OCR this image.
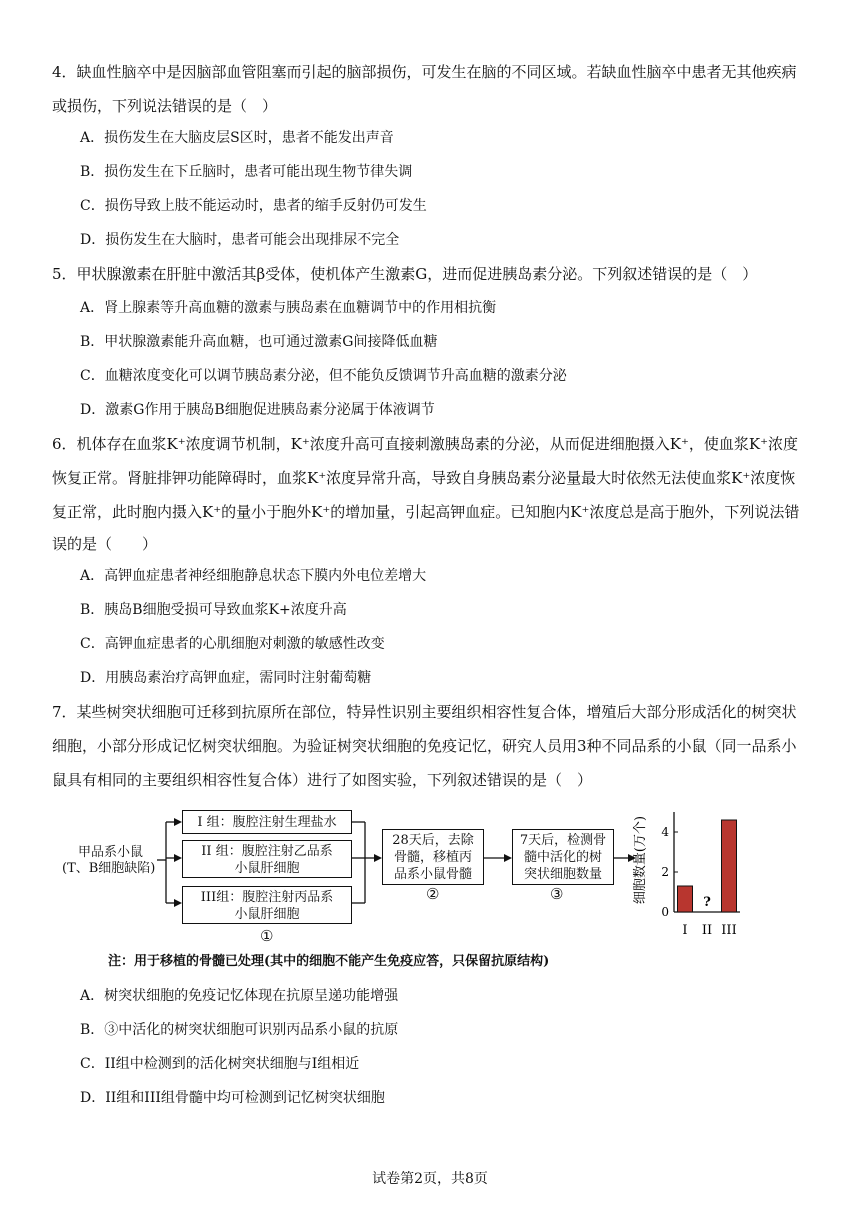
4．缺血性脑卒中是因脑部血管阻塞而引起的脑部损伤，可发生在脑的不同区域。若缺血性脑卒中患者无其他疾病
或损伤，下列说法错误的是（　）
A．损伤发生在大脑皮层S区时，患者不能发出声音
B．损伤发生在下丘脑时，患者可能出现生物节律失调
C．损伤导致上肢不能运动时，患者的缩手反射仍可发生
D．损伤发生在大脑时，患者可能会出现排尿不完全
5．甲状腺激素在肝脏中激活其β受体，使机体产生激素G，进而促进胰岛素分泌。下列叙述错误的是（　）
A．肾上腺素等升高血糖的激素与胰岛素在血糖调节中的作用相抗衡
B．甲状腺激素能升高血糖，也可通过激素G间接降低血糖
C．血糖浓度变化可以调节胰岛素分泌，但不能负反馈调节升高血糖的激素分泌
D．激素G作用于胰岛B细胞促进胰岛素分泌属于体液调节
6．机体存在血浆K⁺浓度调节机制，K⁺浓度升高可直接刺激胰岛素的分泌，从而促进细胞摄入K⁺，使血浆K⁺浓度
恢复正常。肾脏排钾功能障碍时，血浆K⁺浓度异常升高，导致自身胰岛素分泌量最大时依然无法使血浆K⁺浓度恢
复正常，此时胞内摄入K⁺的量小于胞外K⁺的增加量，引起高钾血症。已知胞内K⁺浓度总是高于胞外，下列说法错
误的是（　　）
A．高钾血症患者神经细胞静息状态下膜内外电位差增大
B．胰岛B细胞受损可导致血浆K+浓度升高
C．高钾血症患者的心肌细胞对刺激的敏感性改变
D．用胰岛素治疗高钾血症，需同时注射葡萄糖
7．某些树突状细胞可迁移到抗原所在部位，特异性识别主要组织相容性复合体，增殖后大部分形成活化的树突状
细胞，小部分形成记忆树突状细胞。为验证树突状细胞的免疫记忆，研究人员用3种不同品系的小鼠（同一品系小
鼠具有相同的主要组织相容性复合体）进行了如图实验，下列叙述错误的是（　）
甲品系小鼠
(T、B细胞缺陷)
I 组：腹腔注射生理盐水
II 组：腹腔注射乙品系
小鼠肝细胞
III组：腹腔注射丙品系
小鼠肝细胞
①
28天后，去除
骨髓，移植丙
品系小鼠骨髓
②
7天后，检测骨
髓中活化的树
突状细胞数量
③	细胞数量(万个)
0
2
4
I
?
II III
注：用于移植的骨髓已处理(其中的细胞不能产生免疫应答，只保留抗原结构)
A．树突状细胞的免疫记忆体现在抗原呈递功能增强
B．③中活化的树突状细胞可识别丙品系小鼠的抗原
C．II组中检测到的活化树突状细胞与I组相近
D．II组和III组骨髓中均可检测到记忆树突状细胞
试卷第2页，共8页
